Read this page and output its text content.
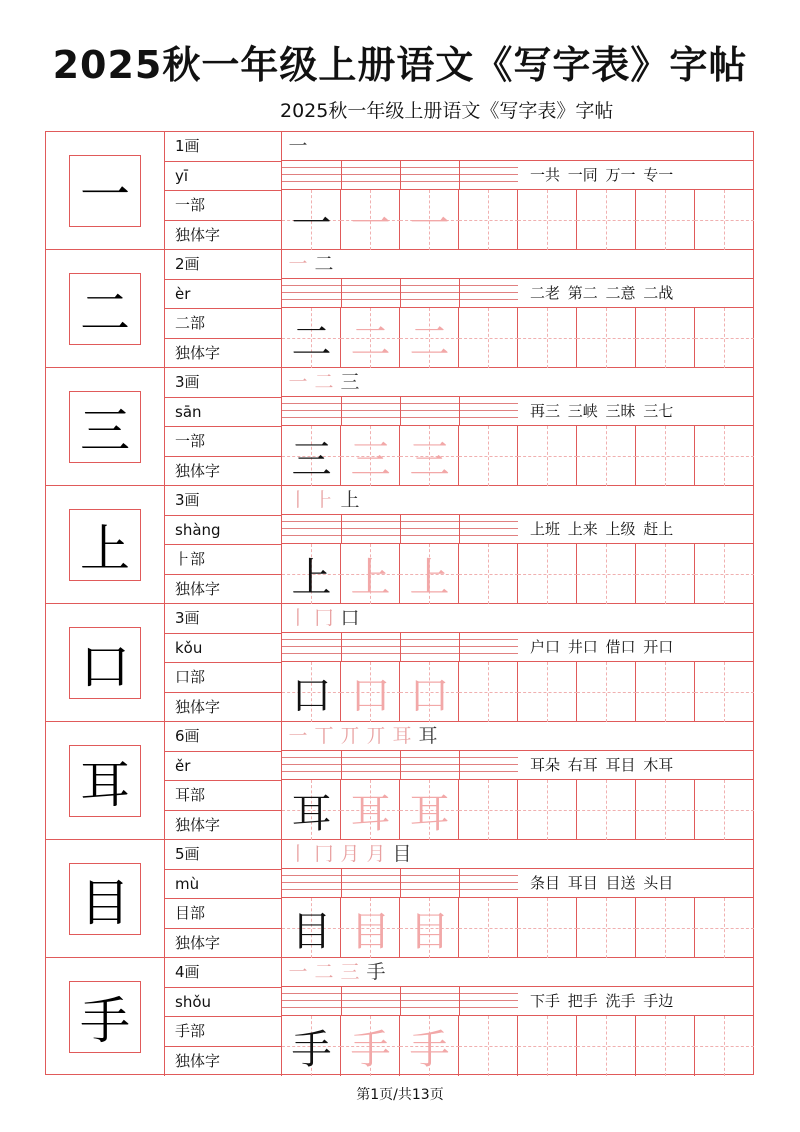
2025秋一年级上册语文《写字表》字帖
2025秋一年级上册语文《写字表》字帖
一
1画
yī
一部
独体字
一
一共 一同 万一 专一
一 一 一
二
2画
èr
二部
独体字
一 二
二老 第二 二意 二战
二 二 二
三
3画
sān
一部
独体字
一 二 三
再三 三峡 三昧 三七
三 三 三
上
3画
shàng
⺊部
独体字
丨 ⺊ 上
上班 上来 上级 赶上
上 上 上
口
3画
kǒu
口部
独体字
丨 冂 口
户口 井口 借口 开口
口 口 口
耳
6画
ěr
耳部
独体字
一 丅 丌 丌 耳 耳
耳朵 右耳 耳目 木耳
耳 耳 耳
目
5画
mù
目部
独体字
丨 冂 月 月 目
条目 耳目 目送 头目
目 目 目
手
4画
shǒu
手部
独体字
一 二 三 手
下手 把手 洗手 手边
手 手 手
第1页/共13页
